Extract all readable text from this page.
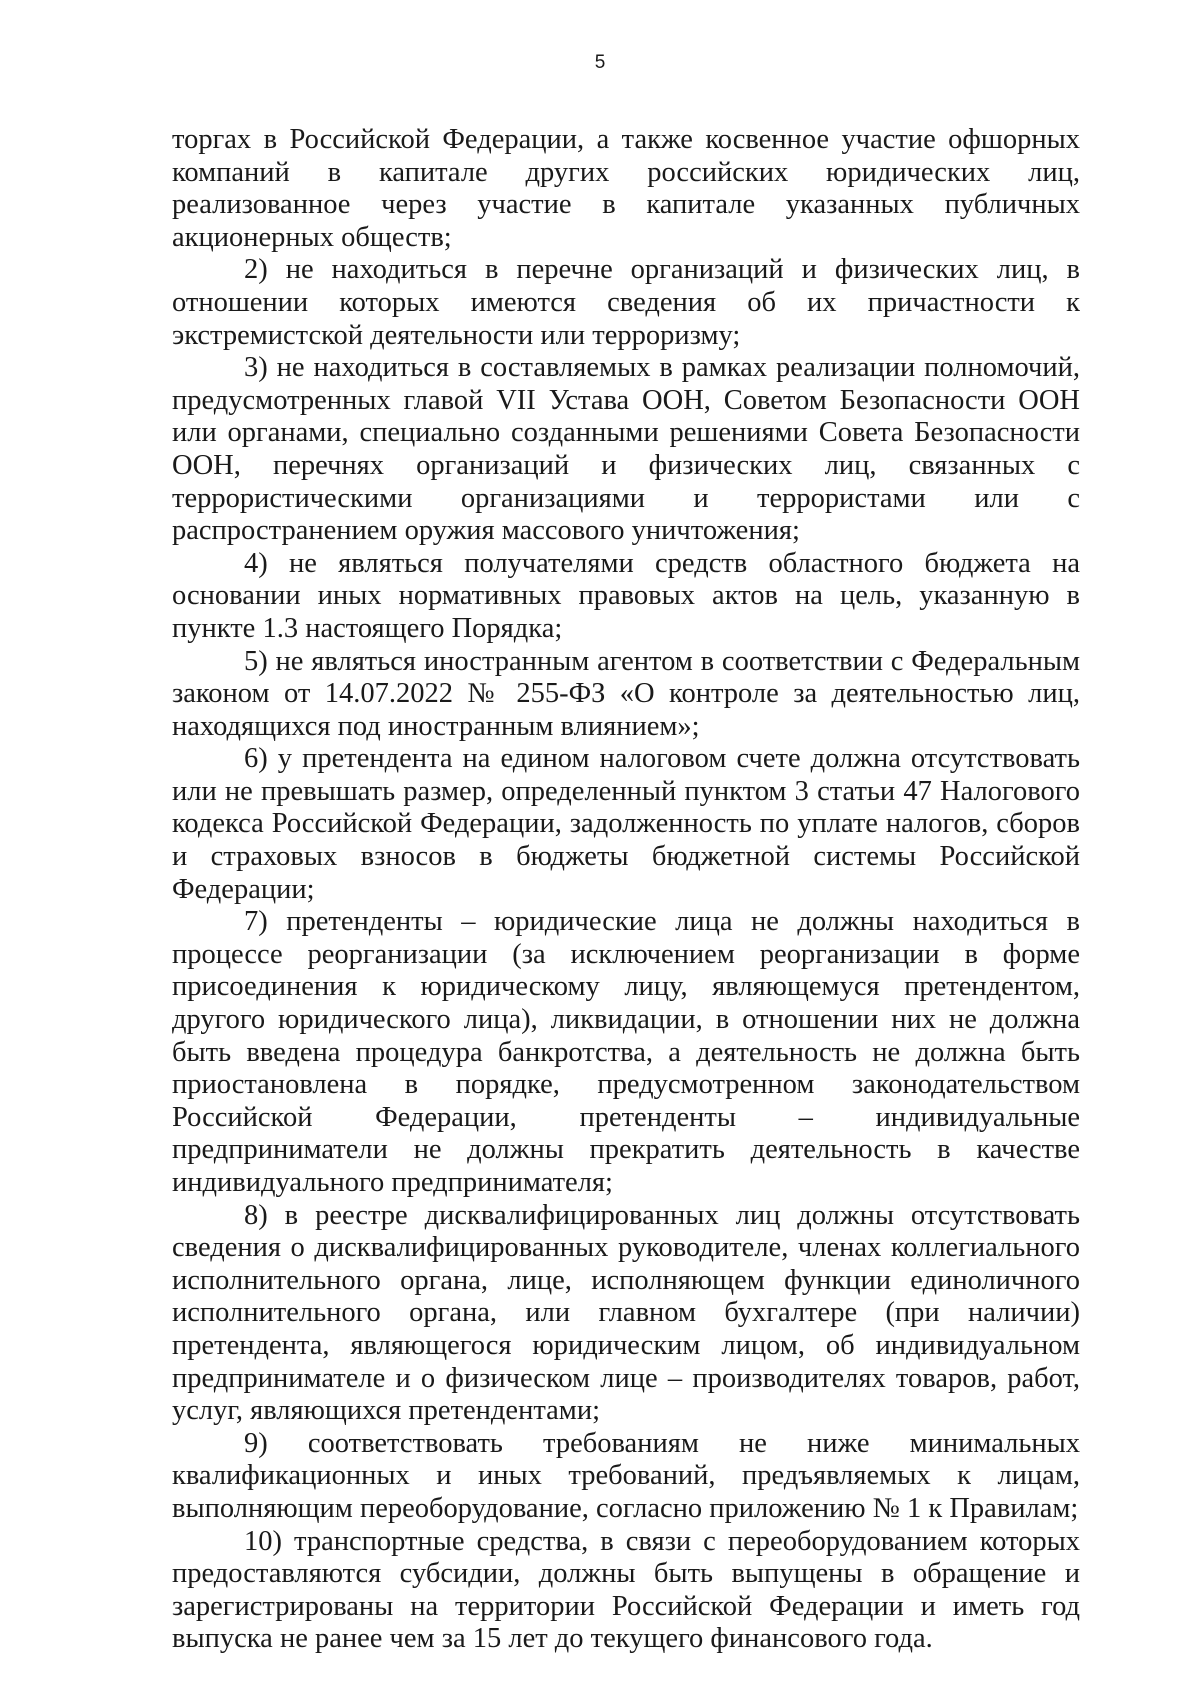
5

торгах в Российской Федерации, а также косвенное участие офшорных компаний в капитале других российских юридических лиц, реализованное через участие в капитале указанных публичных акционерных обществ;

2) не находиться в перечне организаций и физических лиц, в отношении которых имеются сведения об их причастности к экстремистской деятельности или терроризму;

3) не находиться в составляемых в рамках реализации полномочий, предусмотренных главой VII Устава ООН, Советом Безопасности ООН или органами, специально созданными решениями Совета Безопасности ООН, перечнях организаций и физических лиц, связанных с террористическими организациями и террористами или с распространением оружия массового уничтожения;

4) не являться получателями средств областного бюджета на основании иных нормативных правовых актов на цель, указанную в пункте 1.3 настоящего Порядка;

5) не являться иностранным агентом в соответствии с Федеральным законом от 14.07.2022 № 255-ФЗ «О контроле за деятельностью лиц, находящихся под иностранным влиянием»;

6) у претендента на едином налоговом счете должна отсутствовать или не превышать размер, определенный пунктом 3 статьи 47 Налогового кодекса Российской Федерации, задолженность по уплате налогов, сборов и страховых взносов в бюджеты бюджетной системы Российской Федерации;

7) претенденты – юридические лица не должны находиться в процессе реорганизации (за исключением реорганизации в форме присоединения к юридическому лицу, являющемуся претендентом, другого юридического лица), ликвидации, в отношении них не должна быть введена процедура банкротства, а деятельность не должна быть приостановлена в порядке, предусмотренном законодательством Российской Федерации, претенденты – индивидуальные предприниматели не должны прекратить деятельность в качестве индивидуального предпринимателя;

8) в реестре дисквалифицированных лиц должны отсутствовать сведения о дисквалифицированных руководителе, членах коллегиального исполнительного органа, лице, исполняющем функции единоличного исполнительного органа, или главном бухгалтере (при наличии) претендента, являющегося юридическим лицом, об индивидуальном предпринимателе и о физическом лице – производителях товаров, работ, услуг, являющихся претендентами;

9) соответствовать требованиям не ниже минимальных квалификационных и иных требований, предъявляемых к лицам, выполняющим переоборудование, согласно приложению № 1 к Правилам;

10) транспортные средства, в связи с переоборудованием которых предоставляются субсидии, должны быть выпущены в обращение и зарегистрированы на территории Российской Федерации и иметь год выпуска не ранее чем за 15 лет до текущего финансового года.
